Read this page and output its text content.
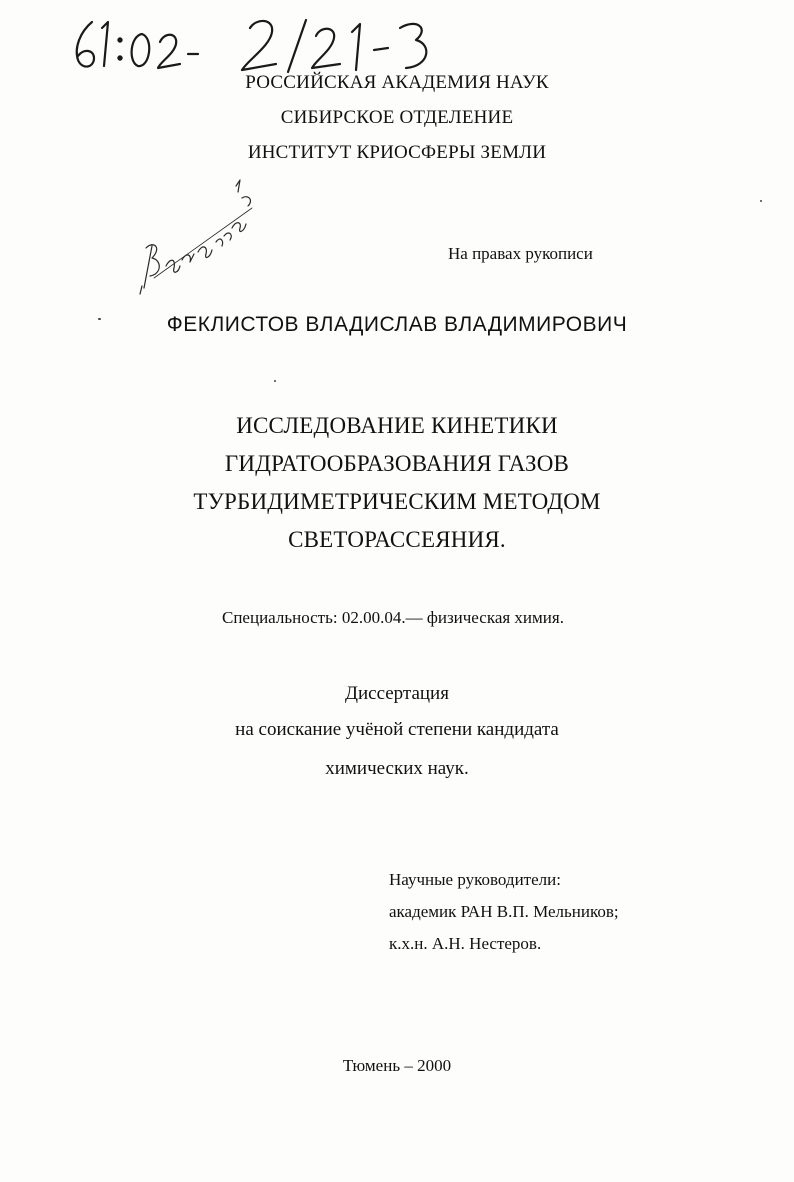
РОССИЙСКАЯ АКАДЕМИЯ НАУК
СИБИРСКОЕ ОТДЕЛЕНИЕ
ИНСТИТУТ КРИОСФЕРЫ ЗЕМЛИ
На правах рукописи
ФЕКЛИСТОВ ВЛАДИСЛАВ ВЛАДИМИРОВИЧ
ИССЛЕДОВАНИЕ КИНЕТИКИ
ГИДРАТООБРАЗОВАНИЯ ГАЗОВ
ТУРБИДИМЕТРИЧЕСКИМ МЕТОДОМ
СВЕТОРАССЕЯНИЯ.
Специальность: 02.00.04.— физическая химия.
Диссертация
на соискание учёной степени кандидата
химических наук.
Научные руководители:
академик РАН В.П. Мельников;
к.х.н. А.Н. Нестеров.
Тюмень – 2000
